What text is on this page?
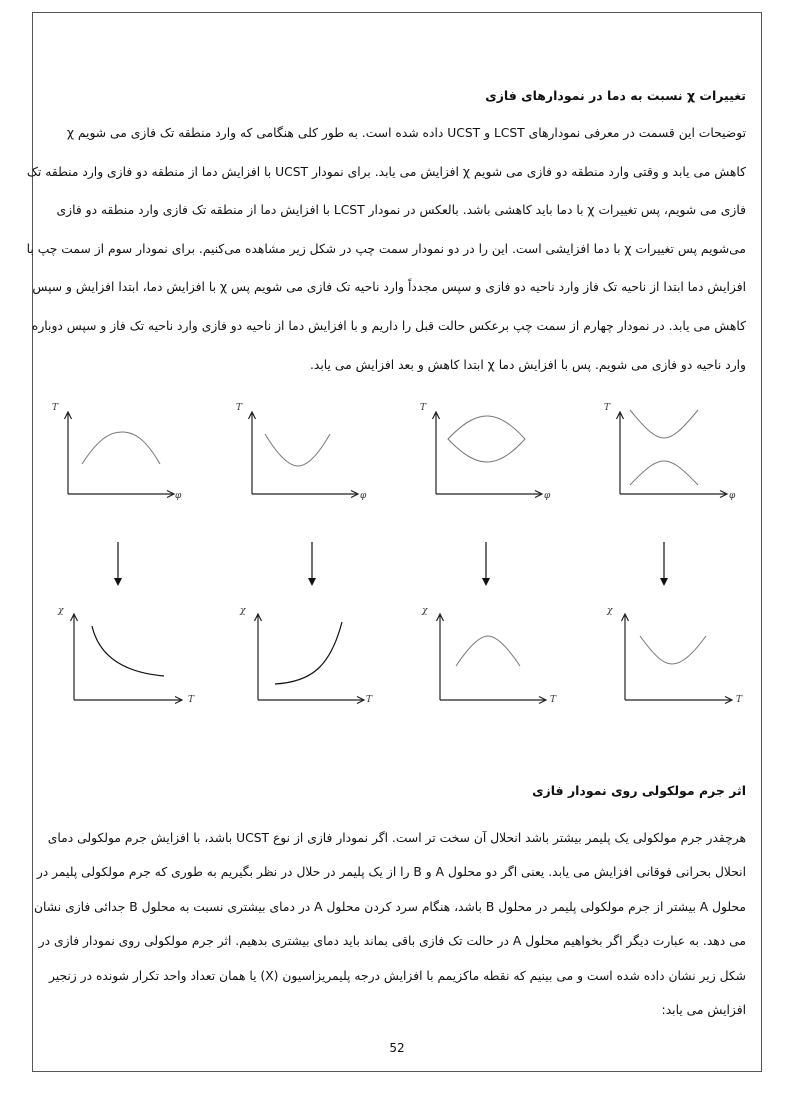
تغییرات χ نسبت به دما در نمودارهای فازی
توضیحات این قسمت در معرفی نمودارهای LCST و UCST داده شده است. به طور کلی هنگامی که وارد منطقه تک فازی می شویم χ
کاهش می یابد و وقتی وارد منطقه دو فازی می شویم χ افزایش می یابد. برای نمودار UCST با افزایش دما از منطقه دو فازی وارد منطقه تک
فازی می شویم، پس تغییرات χ با دما باید کاهشی باشد. بالعکس در نمودار LCST با افزایش دما از منطقه تک فازی وارد منطقه دو فازی
می‌شویم پس تغییرات χ با دما افزایشی است. این را در دو نمودار سمت چپ در شکل زیر مشاهده می‌کنیم. برای نمودار سوم از سمت چپ با
افزایش دما ابتدا از ناحیه تک فاز وارد ناحیه دو فازی و سپس مجدداً وارد ناحیه تک فازی می شویم پس χ با افزایش دما، ابتدا افزایش و سپس
کاهش می یابد. در نمودار چهارم از سمت چپ برعکس حالت قبل را داریم و با افزایش دما از ناحیه دو فازی وارد ناحیه تک فاز و سپس دوباره
وارد ناحیه دو فازی می شویم. پس با افزایش دما χ ابتدا کاهش و بعد افزایش می یابد.
T
φ
T
φ
T
φ
T
φ
χ
T
χ
T
χ
T
χ
T
اثر جرم مولکولی روی نمودار فازی
هرچقدر جرم مولکولی یک پلیمر بیشتر باشد انحلال آن سخت تر است. اگر نمودار فازی از نوع UCST باشد، با افزایش جرم مولکولی دمای
انحلال بحرانی فوقانی افزایش می یابد. یعنی اگر دو محلول A و B را از یک پلیمر در حلال در نظر بگیریم به طوری که جرم مولکولی پلیمر در
محلول A بیشتر از جرم مولکولی پلیمر در محلول B باشد، هنگام سرد کردن محلول A در دمای بیشتری نسبت به محلول B جدائی فازی نشان
می دهد. به عبارت دیگر اگر بخواهیم محلول A در حالت تک فازی باقی بماند باید دمای بیشتری بدهیم. اثر جرم مولکولی روی نمودار فازی در
شکل زیر نشان داده شده است و می بینیم که نقطه ماکزیمم با افزایش درجه پلیمریزاسیون (X) یا همان تعداد واحد تکرار شونده در زنجیر
افزایش می یابد:
52
